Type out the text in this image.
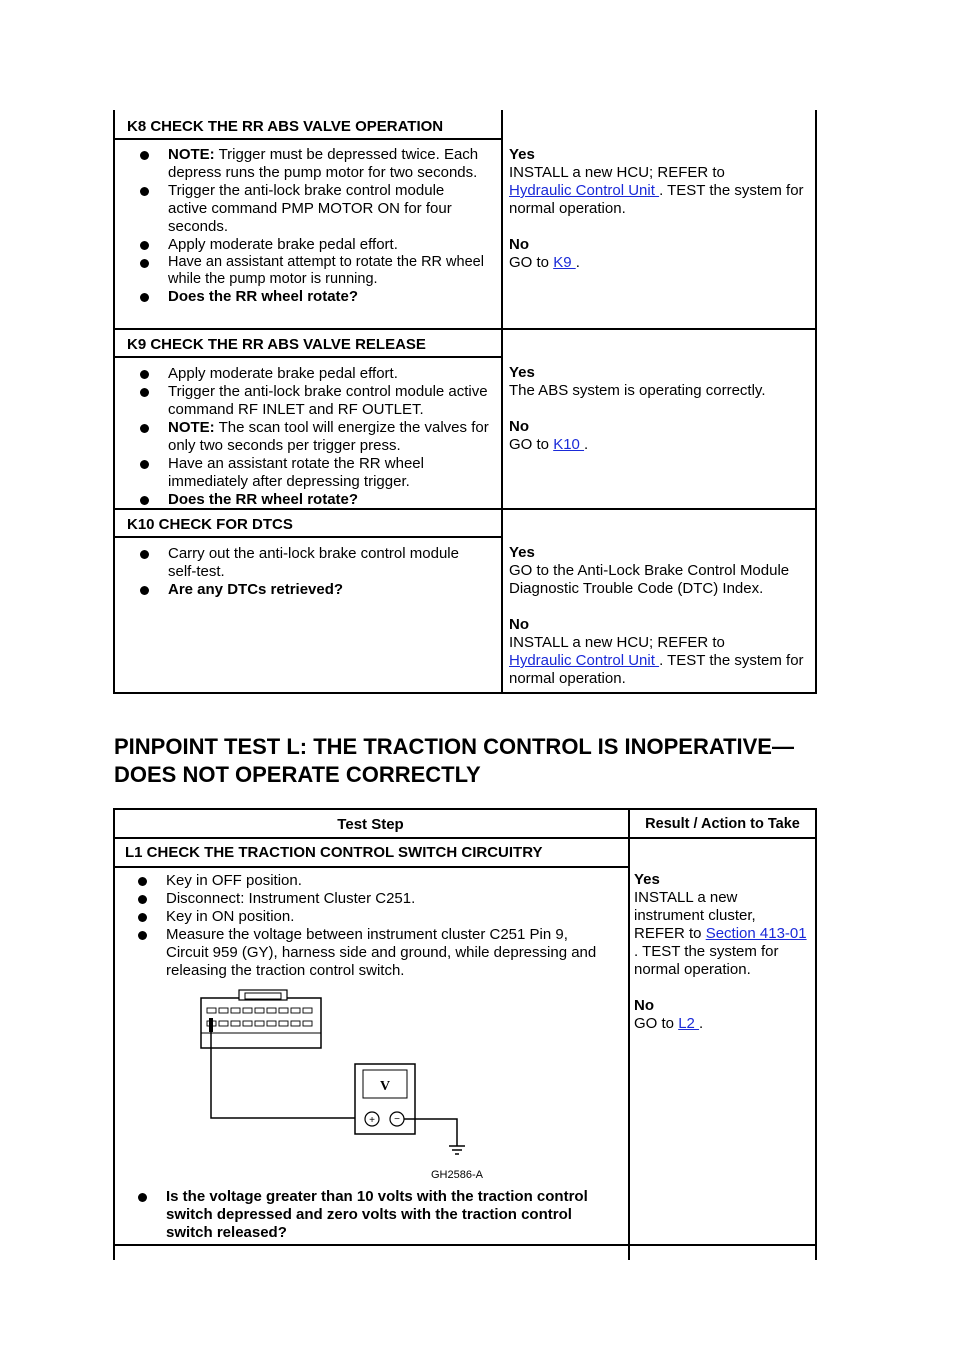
K8 CHECK THE RR ABS VALVE OPERATION
NOTE: Trigger must be depressed twice. Each depress runs the pump motor for two seconds.
Trigger the anti-lock brake control module active command PMP MOTOR ON for four seconds.
Apply moderate brake pedal effort.
Have an assistant attempt to rotate the RR wheel while the pump motor is running.
Does the RR wheel rotate?
Yes
INSTALL a new HCU; REFER to
Hydraulic Control Unit . TEST the system for normal operation.
No
GO to K9 .
K9 CHECK THE RR ABS VALVE RELEASE
Apply moderate brake pedal effort.
Trigger the anti-lock brake control module active command RF INLET and RF OUTLET.
NOTE: The scan tool will energize the valves for only two seconds per trigger press.
Have an assistant rotate the RR wheel immediately after depressing trigger.
Does the RR wheel rotate?
Yes
The ABS system is operating correctly.
No
GO to K10 .
K10 CHECK FOR DTCS
Carry out the anti-lock brake control module self-test.
Are any DTCs retrieved?
Yes
GO to the Anti-Lock Brake Control Module Diagnostic Trouble Code (DTC) Index.
No
INSTALL a new HCU; REFER to
Hydraulic Control Unit . TEST the system for normal operation.
PINPOINT TEST L: THE TRACTION CONTROL IS INOPERATIVE— DOES NOT OPERATE CORRECTLY
Test Step	Result / Action to Take
L1 CHECK THE TRACTION CONTROL SWITCH CIRCUITRY
Key in OFF position.
Disconnect: Instrument Cluster C251.
Key in ON position.
Measure the voltage between instrument cluster C251 Pin 9, Circuit 959 (GY), harness side and ground, while depressing and releasing the traction control switch.
Is the voltage greater than 10 volts with the traction control switch depressed and zero volts with the traction control switch released?
Yes
INSTALL a new instrument cluster, REFER to Section 413-01 . TEST the system for normal operation.
No
GO to L2 .
V
+ −
GH2586-A
